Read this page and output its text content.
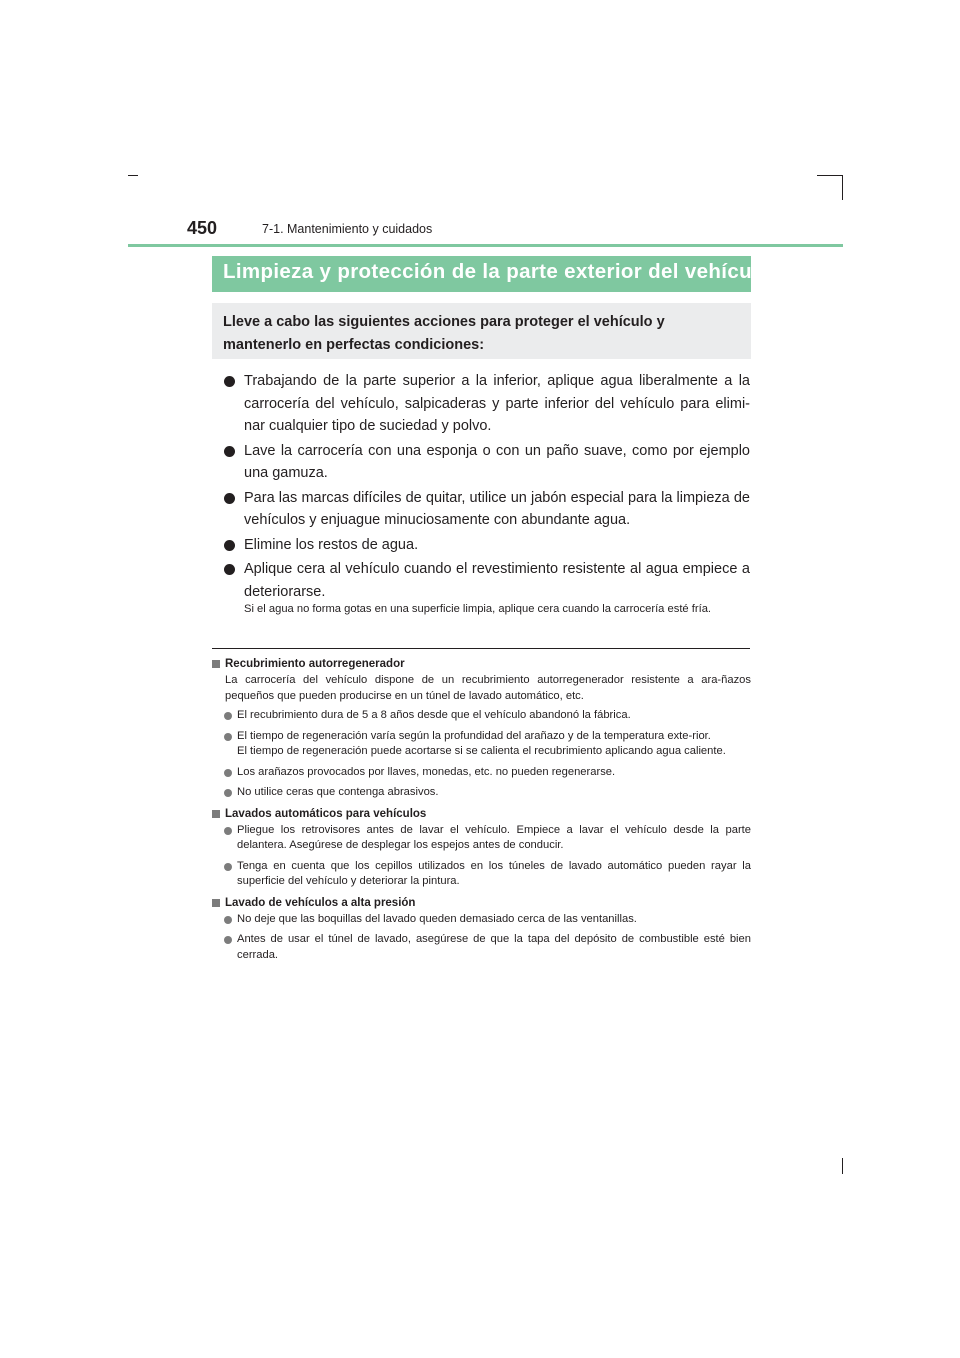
450	7-1. Mantenimiento y cuidados
Limpieza y protección de la parte exterior del vehículo
Lleve a cabo las siguientes acciones para proteger el vehículo y mantenerlo en perfectas condiciones:
Trabajando de la parte superior a la inferior, aplique agua liberalmente a la carrocería del vehículo, salpicaderas y parte inferior del vehículo para elimi-nar cualquier tipo de suciedad y polvo.
Lave la carrocería con una esponja o con un paño suave, como por ejemplo una gamuza.
Para las marcas difíciles de quitar, utilice un jabón especial para la limpieza de vehículos y enjuague minuciosamente con abundante agua.
Elimine los restos de agua.
Aplique cera al vehículo cuando el revestimiento resistente al agua empiece a deteriorarse.
Si el agua no forma gotas en una superficie limpia, aplique cera cuando la carrocería esté fría.
Recubrimiento autorregenerador
La carrocería del vehículo dispone de un recubrimiento autorregenerador resistente a ara-ñazos pequeños que pueden producirse en un túnel de lavado automático, etc.
El recubrimiento dura de 5 a 8 años desde que el vehículo abandonó la fábrica.
El tiempo de regeneración varía según la profundidad del arañazo y de la temperatura exte-rior.
El tiempo de regeneración puede acortarse si se calienta el recubrimiento aplicando agua caliente.
Los arañazos provocados por llaves, monedas, etc. no pueden regenerarse.
No utilice ceras que contenga abrasivos.
Lavados automáticos para vehículos
Pliegue los retrovisores antes de lavar el vehículo. Empiece a lavar el vehículo desde la parte delantera. Asegúrese de desplegar los espejos antes de conducir.
Tenga en cuenta que los cepillos utilizados en los túneles de lavado automático pueden rayar la superficie del vehículo y deteriorar la pintura.
Lavado de vehículos a alta presión
No deje que las boquillas del lavado queden demasiado cerca de las ventanillas.
Antes de usar el túnel de lavado, asegúrese de que la tapa del depósito de combustible esté bien cerrada.
